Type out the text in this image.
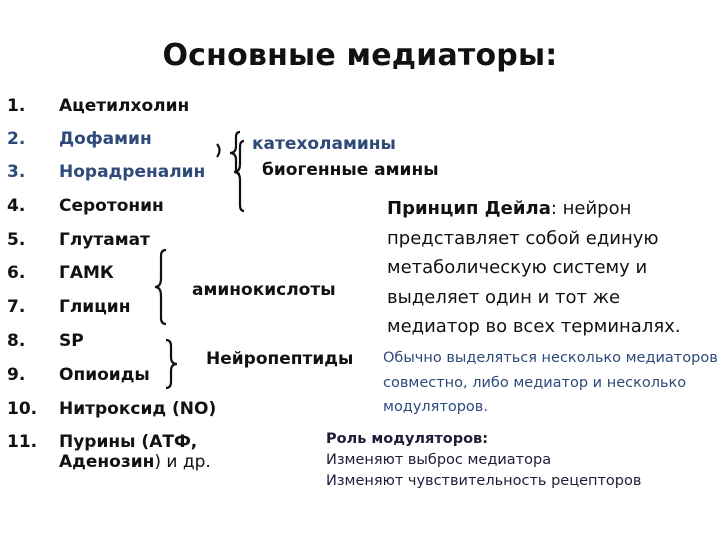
Основные медиаторы:
1. Ацетилхолин
2. Дофамин
3. Норадреналин
4. Серотонин
5. Глутамат
6. ГАМК
7. Глицин
8. SP
9. Опиоиды
10. Нитроксид (NO)
11. Пурины (АТФ,
Аденозин) и др.
катехоламины
биогенные амины
аминокислоты
Нейропептиды
Принцип Дейла: нейрон представляет собой единую метаболическую систему и выделяет один и тот же медиатор во всех терминалях.
Обычно выделяться несколько медиаторов совместно, либо медиатор и несколько модуляторов.
Роль модуляторов:
Изменяют выброс медиатора
Изменяют чувствительность рецепторов
